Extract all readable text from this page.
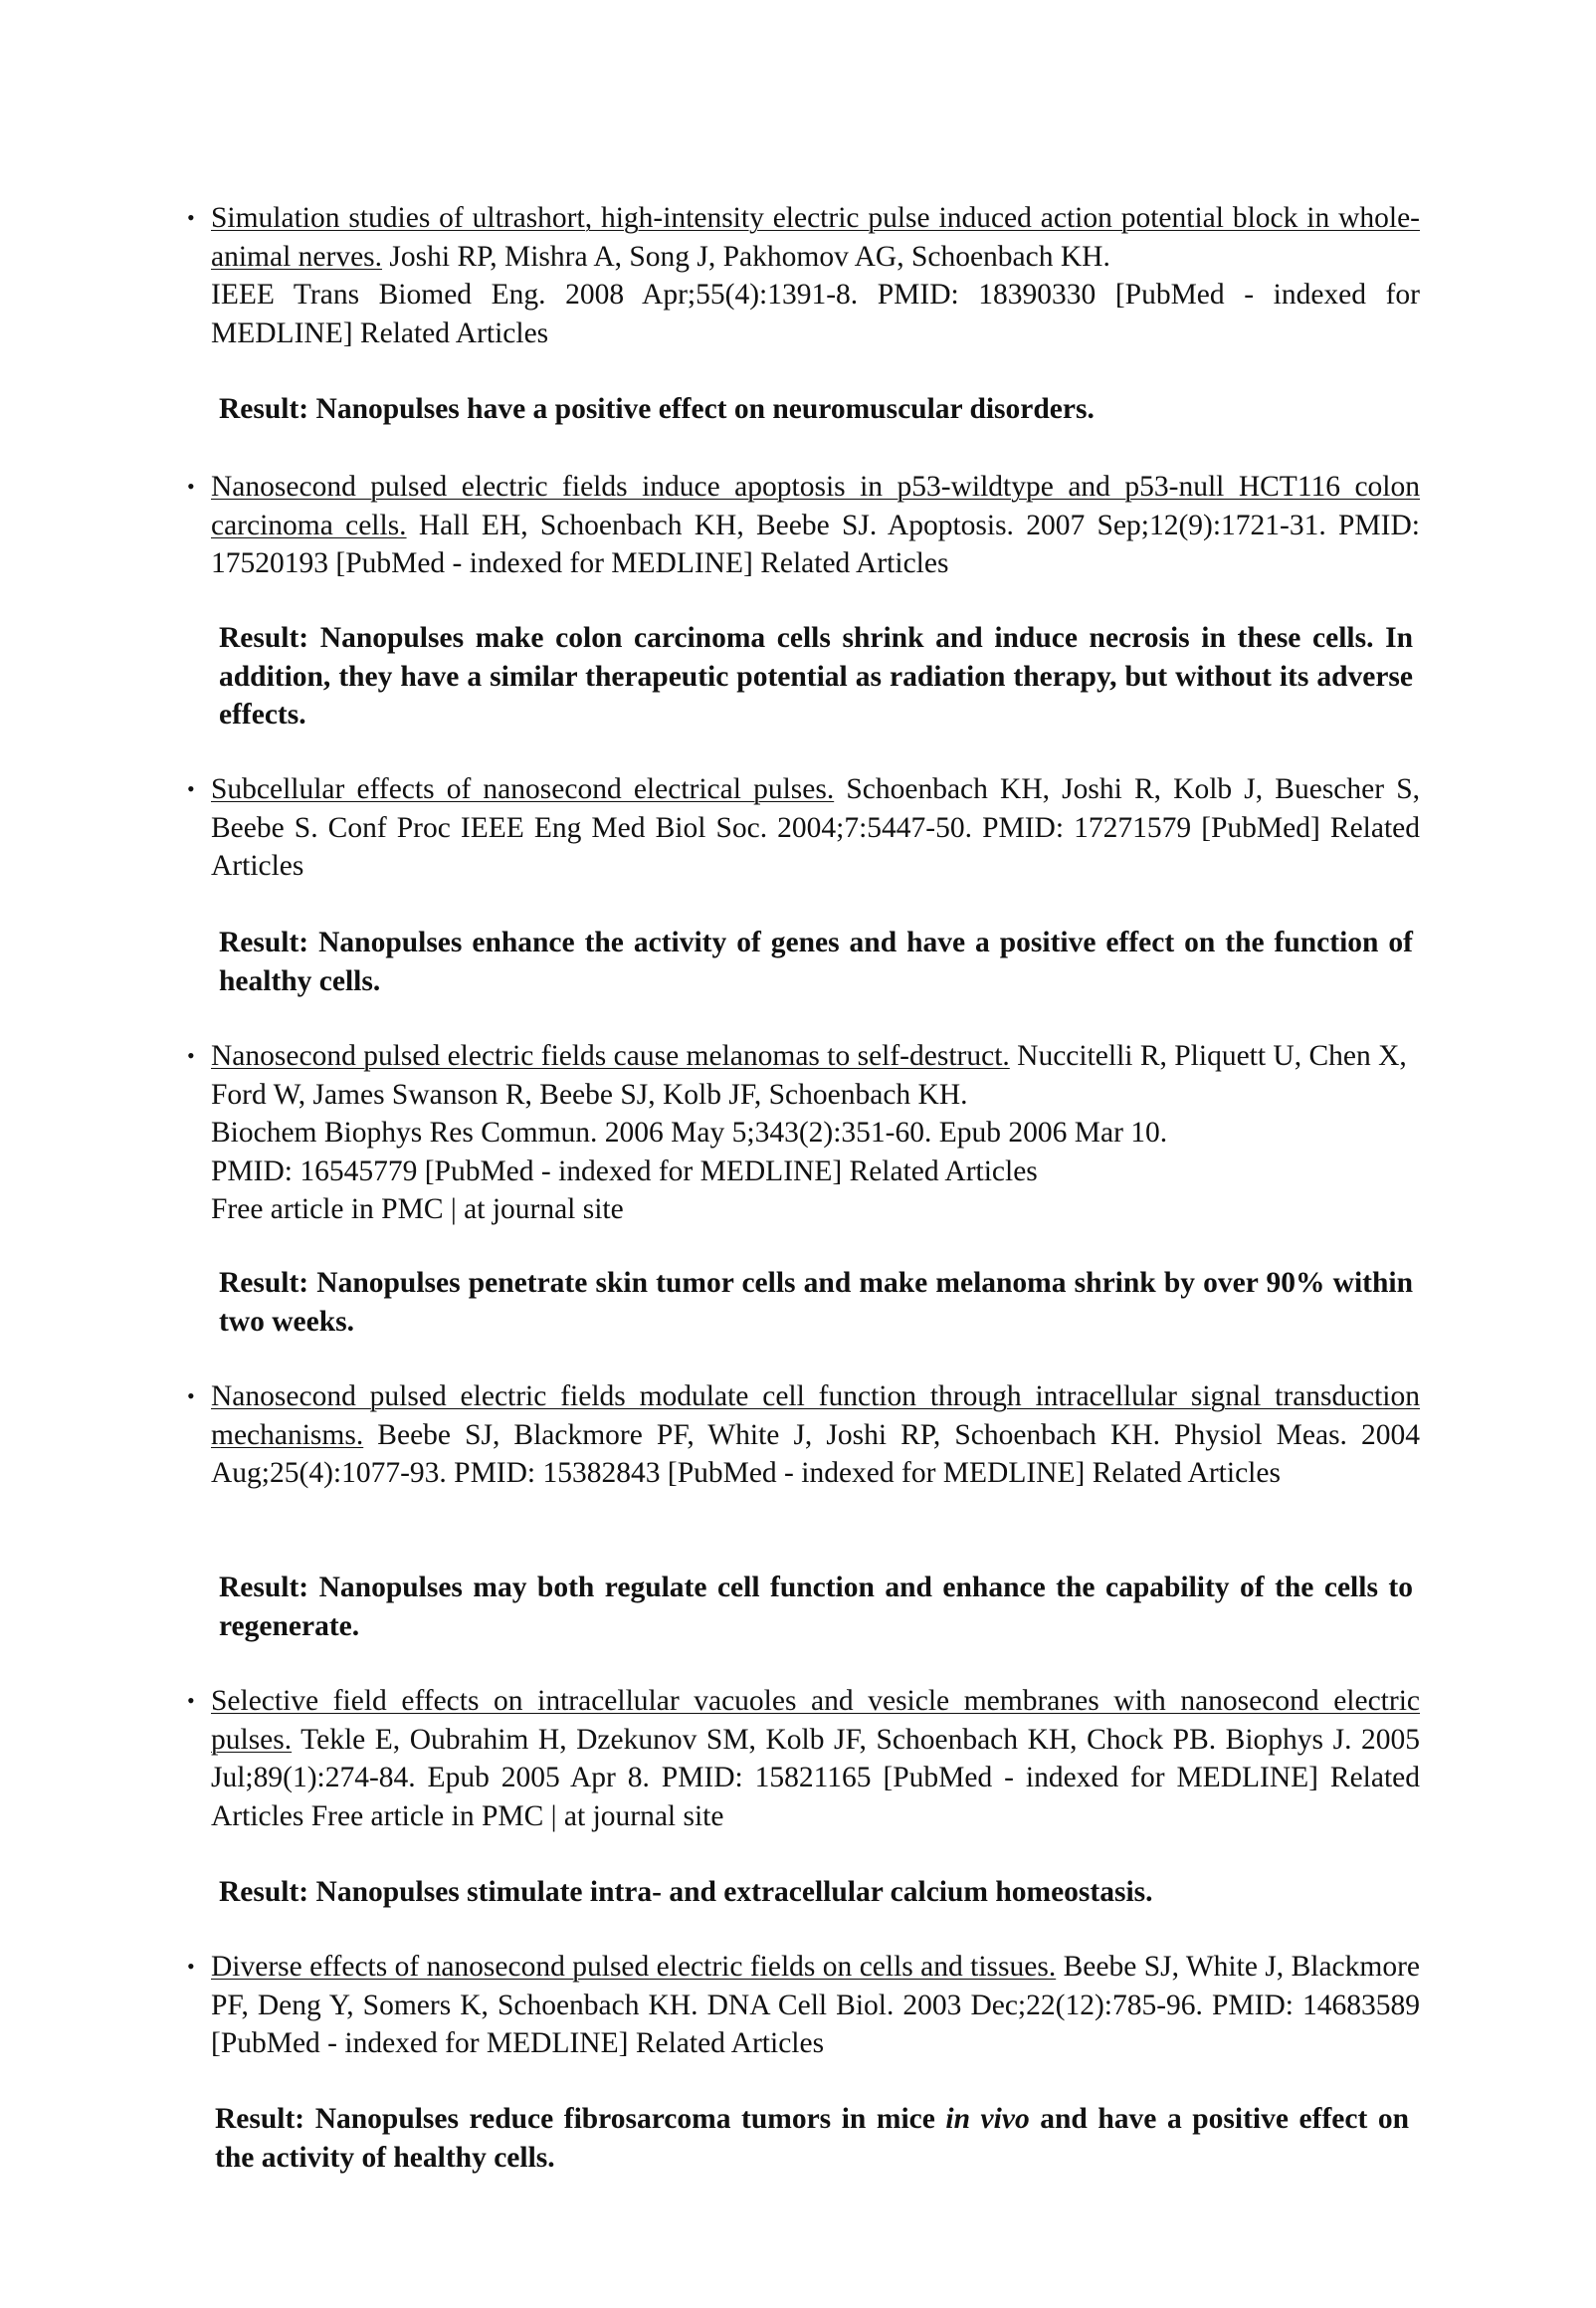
• Simulation studies of ultrashort, high-intensity electric pulse induced action potential block in whole-animal nerves. Joshi RP, Mishra A, Song J, Pakhomov AG, Schoenbach KH.
IEEE Trans Biomed Eng. 2008 Apr;55(4):1391-8. PMID: 18390330 [PubMed - indexed for MEDLINE] Related Articles
Result: Nanopulses have a positive effect on neuromuscular disorders.
• Nanosecond pulsed electric fields induce apoptosis in p53-wildtype and p53-null HCT116 colon carcinoma cells. Hall EH, Schoenbach KH, Beebe SJ. Apoptosis. 2007 Sep;12(9):1721-31. PMID: 17520193 [PubMed - indexed for MEDLINE] Related Articles
Result: Nanopulses make colon carcinoma cells shrink and induce necrosis in these cells. In addition, they have a similar therapeutic potential as radiation therapy, but without its adverse effects.
• Subcellular effects of nanosecond electrical pulses. Schoenbach KH, Joshi R, Kolb J, Buescher S, Beebe S. Conf Proc IEEE Eng Med Biol Soc. 2004;7:5447-50. PMID: 17271579 [PubMed] Related Articles
Result: Nanopulses enhance the activity of genes and have a positive effect on the function of healthy cells.
• Nanosecond pulsed electric fields cause melanomas to self-destruct. Nuccitelli R, Pliquett U, Chen X, Ford W, James Swanson R, Beebe SJ, Kolb JF, Schoenbach KH.
Biochem Biophys Res Commun. 2006 May 5;343(2):351-60. Epub 2006 Mar 10.
PMID: 16545779 [PubMed - indexed for MEDLINE] Related Articles
Free article in PMC | at journal site
Result: Nanopulses penetrate skin tumor cells and make melanoma shrink by over 90% within two weeks.
• Nanosecond pulsed electric fields modulate cell function through intracellular signal transduction mechanisms. Beebe SJ, Blackmore PF, White J, Joshi RP, Schoenbach KH. Physiol Meas. 2004 Aug;25(4):1077-93. PMID: 15382843 [PubMed - indexed for MEDLINE] Related Articles
Result: Nanopulses may both regulate cell function and enhance the capability of the cells to regenerate.
• Selective field effects on intracellular vacuoles and vesicle membranes with nanosecond electric pulses. Tekle E, Oubrahim H, Dzekunov SM, Kolb JF, Schoenbach KH, Chock PB. Biophys J. 2005 Jul;89(1):274-84. Epub 2005 Apr 8. PMID: 15821165 [PubMed - indexed for MEDLINE] Related Articles Free article in PMC | at journal site
Result: Nanopulses stimulate intra- and extracellular calcium homeostasis.
• Diverse effects of nanosecond pulsed electric fields on cells and tissues. Beebe SJ, White J, Blackmore PF, Deng Y, Somers K, Schoenbach KH. DNA Cell Biol. 2003 Dec;22(12):785-96. PMID: 14683589 [PubMed - indexed for MEDLINE] Related Articles
Result: Nanopulses reduce fibrosarcoma tumors in mice in vivo and have a positive effect on the activity of healthy cells.
